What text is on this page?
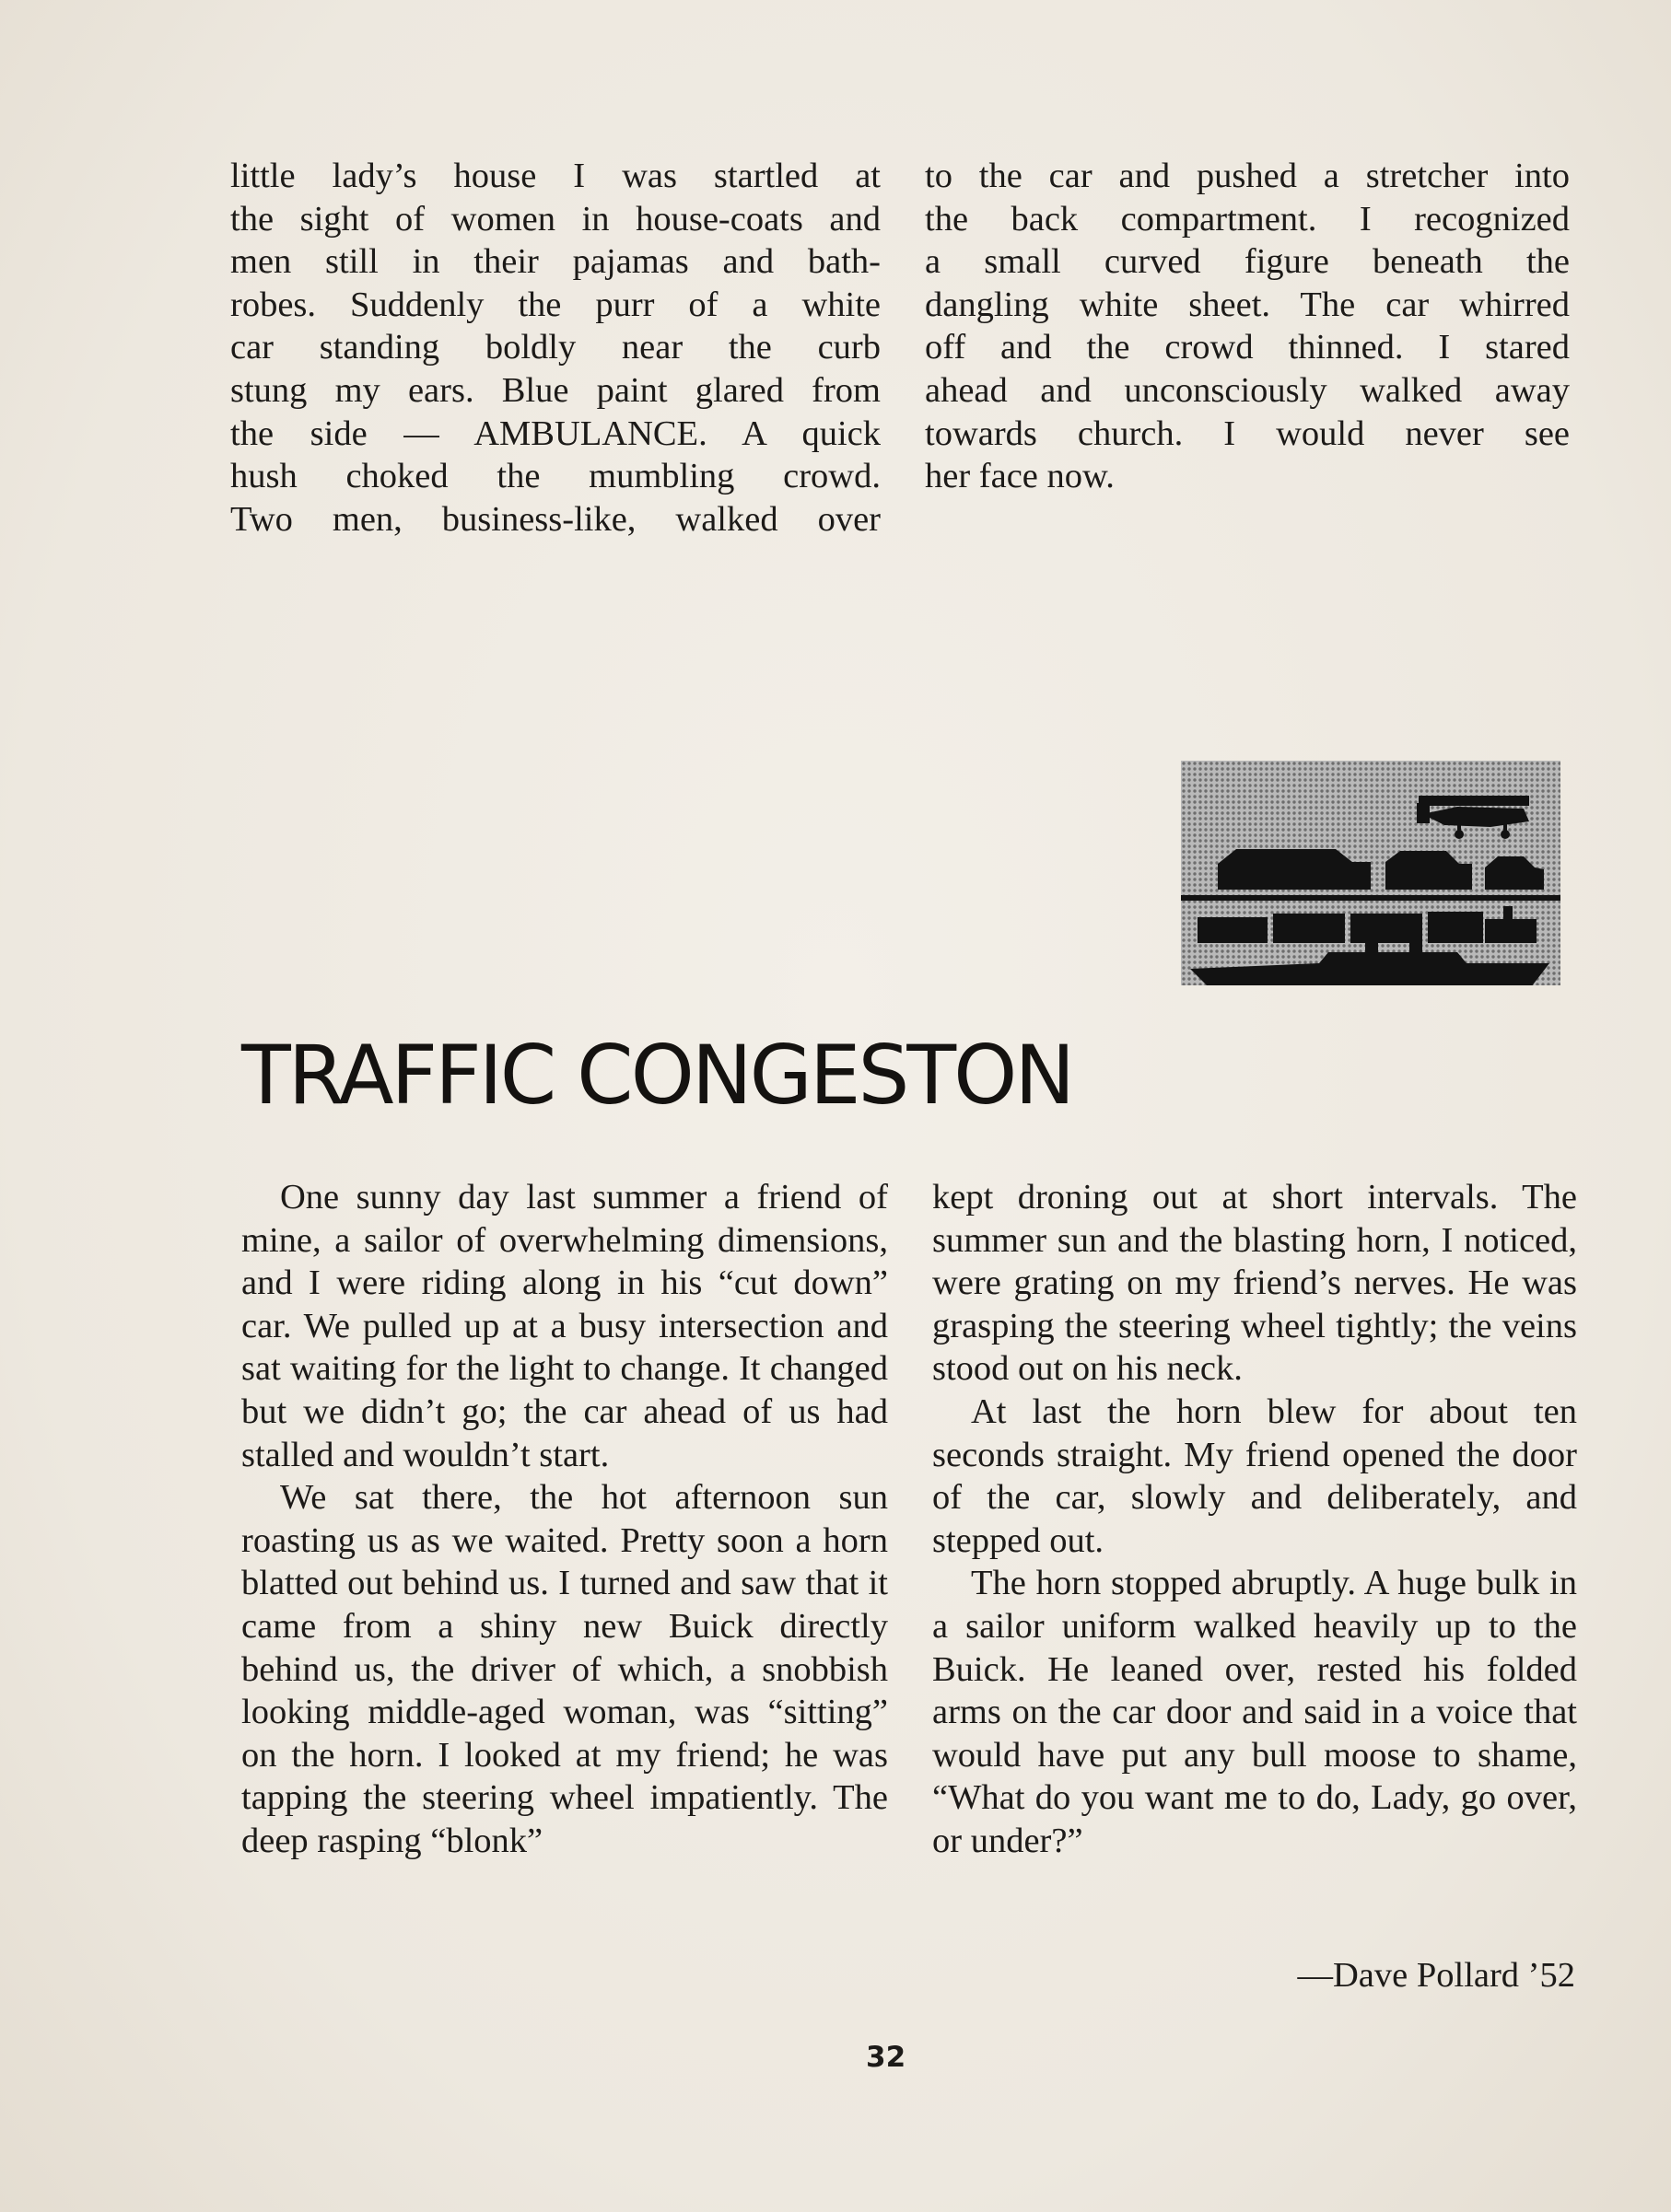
little lady’s house I was startled at

the sight of women in house-coats and

men still in their pajamas and bath-

robes. Suddenly the purr of a white

car standing boldly near the curb

stung my ears. Blue paint glared from

the side — AMBULANCE. A quick

hush choked the mumbling crowd.

Two men, business-like, walked over

to the car and pushed a stretcher into

the back compartment. I recognized

a small curved figure beneath the

dangling white sheet. The car whirred

off and the crowd thinned. I stared

ahead and unconsciously walked away

towards church. I would never see

her face now.

TRAFFIC CONGESTON

One sunny day last summer a friend of mine, a sailor of overwhelming dimensions, and I were riding along in his “cut down” car. We pulled up at a busy intersection and sat waiting for the light to change. It changed but we didn’t go; the car ahead of us had stalled and wouldn’t start.

We sat there, the hot afternoon sun roasting us as we waited. Pretty soon a horn blatted out behind us. I turned and saw that it came from a shiny new Buick directly behind us, the driver of which, a snobbish looking middle-aged woman, was “sitting” on the horn. I looked at my friend; he was tapping the steering wheel impatiently. The deep rasping “blonk”

kept droning out at short intervals. The summer sun and the blasting horn, I noticed, were grating on my friend’s nerves. He was grasping the steering wheel tightly; the veins stood out on his neck.

At last the horn blew for about ten seconds straight. My friend opened the door of the car, slowly and deliberately, and stepped out.

The horn stopped abruptly. A huge bulk in a sailor uniform walked heavily up to the Buick. He leaned over, rested his folded arms on the car door and said in a voice that would have put any bull moose to shame, “What do you want me to do, Lady, go over, or under?”

—Dave Pollard ’52
32
